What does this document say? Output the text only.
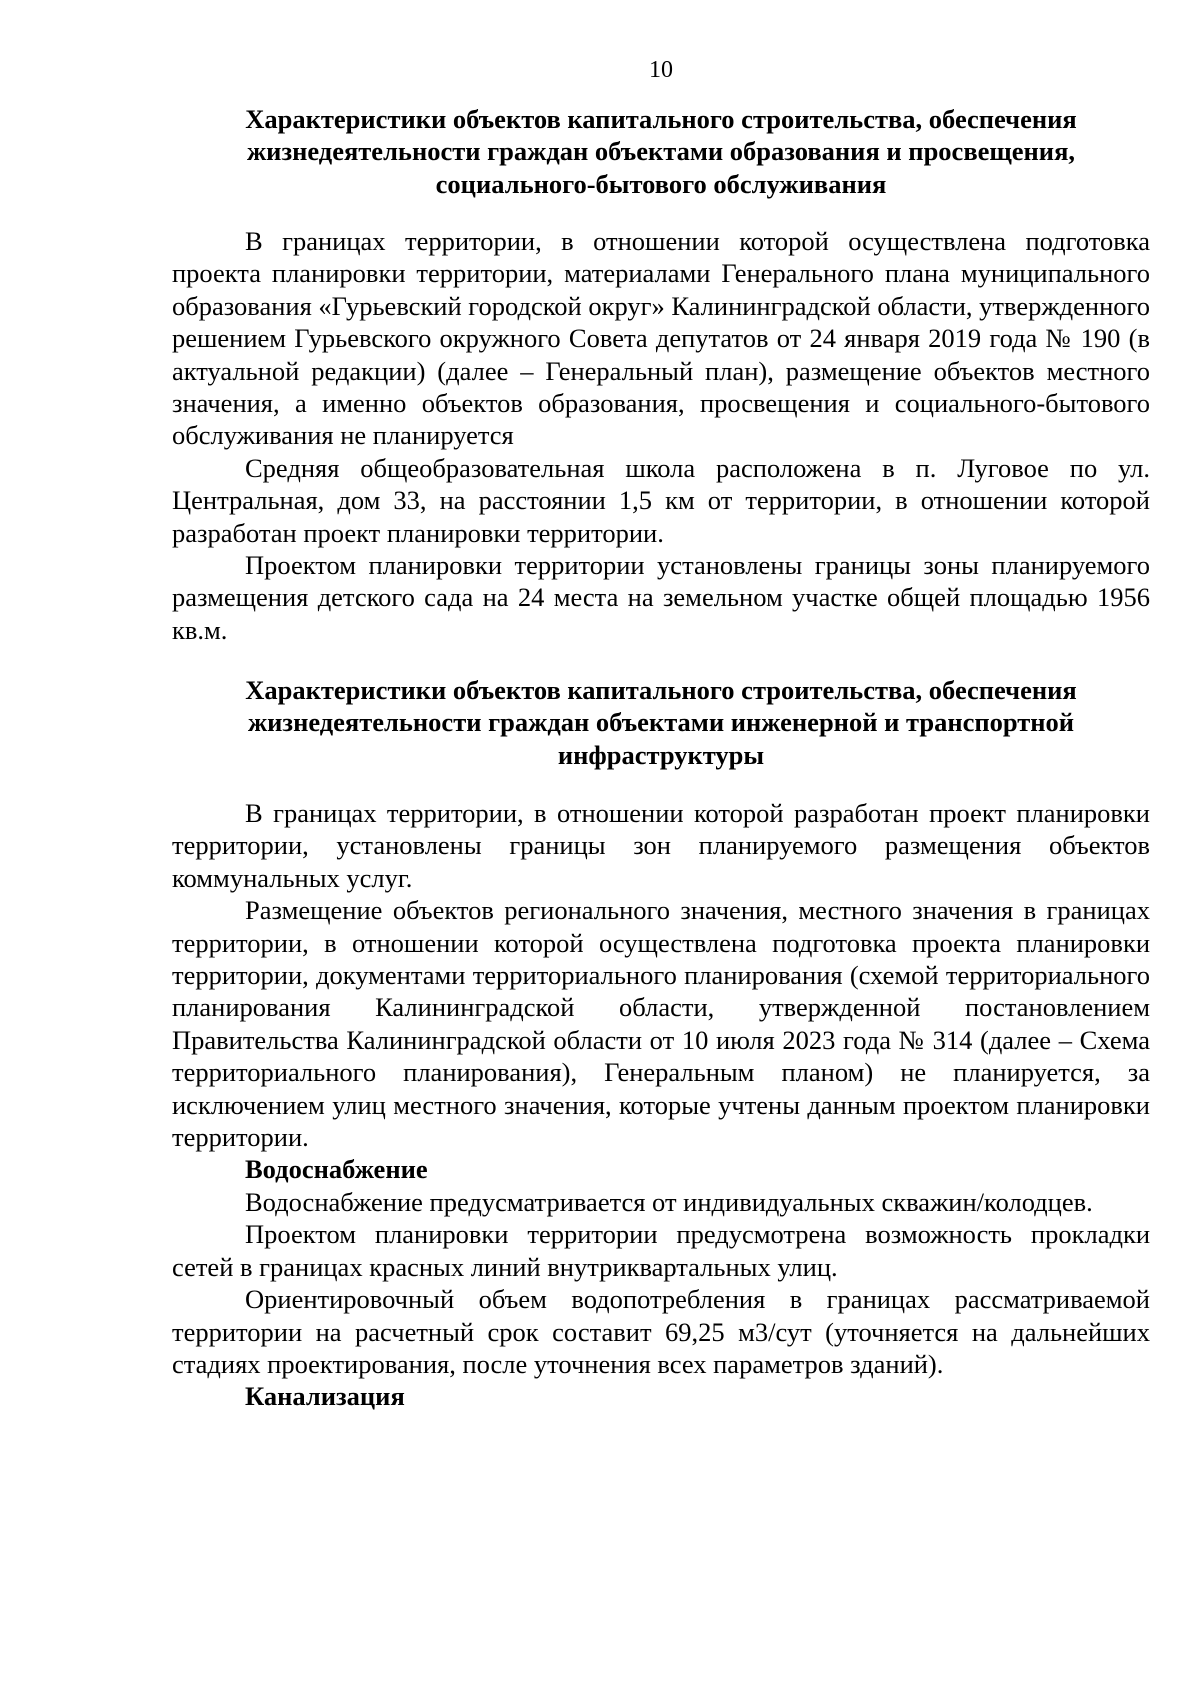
10
Характеристики объектов капитального строительства, обеспечения
жизнедеятельности граждан объектами образования и просвещения,
социального-бытового обслуживания

В границах территории, в отношении которой осуществлена подготовка проекта планировки территории, материалами Генерального плана муниципального образования «Гурьевский городской округ» Калининградской области, утвержденного решением Гурьевского окружного Совета депутатов от 24 января 2019 года № 190 (в актуальной редакции) (далее – Генеральный план), размещение объектов местного значения, а именно объектов образования, просвещения и социального-бытового обслуживания не планируется

Средняя общеобразовательная школа расположена в п. Луговое по ул. Центральная, дом 33, на расстоянии 1,5 км от территории, в отношении которой разработан проект планировки территории.

Проектом планировки территории установлены границы зоны планируемого размещения детского сада на 24 места на земельном участке общей площадью 1956 кв.м.

Характеристики объектов капитального строительства, обеспечения
жизнедеятельности граждан объектами инженерной и транспортной
инфраструктуры

В границах территории, в отношении которой разработан проект планировки территории, установлены границы зон планируемого размещения объектов коммунальных услуг.

Размещение объектов регионального значения, местного значения в границах территории, в отношении которой осуществлена подготовка проекта планировки территории, документами территориального планирования (схемой территориального планирования Калининградской области, утвержденной постановлением Правительства Калининградской области от 10 июля 2023 года № 314 (далее – Схема территориального планирования), Генеральным планом) не планируется, за исключением улиц местного значения, которые учтены данным проектом планировки территории.

Водоснабжение

Водоснабжение предусматривается от индивидуальных скважин/колодцев.

Проектом планировки территории предусмотрена возможность прокладки сетей в границах красных линий внутриквартальных улиц.

Ориентировочный объем водопотребления в границах рассматриваемой территории на расчетный срок составит 69,25 м3/сут (уточняется на дальнейших стадиях проектирования, после уточнения всех параметров зданий).

Канализация
